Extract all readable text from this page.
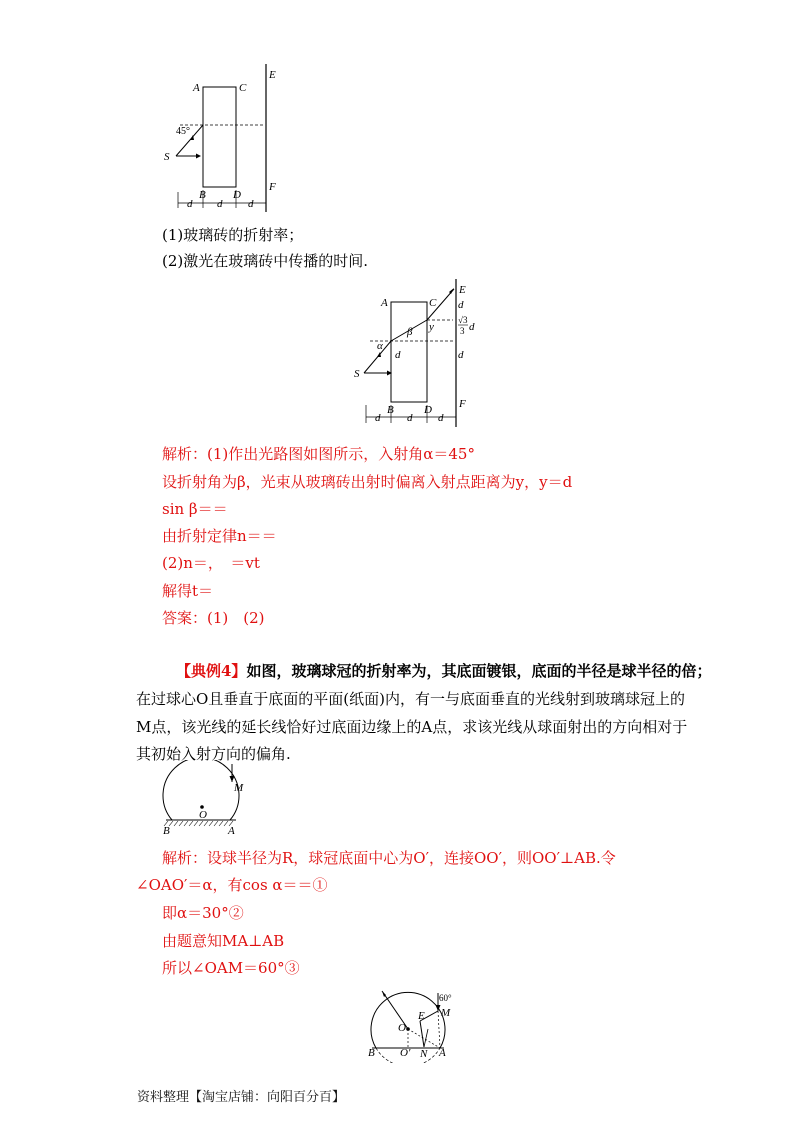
A	C
E
F
B D
S
45°
d d d
(1)玻璃砖的折射率；
(2)激光在玻璃砖中传播的时间.
A	C
E
F
B	D
S
α
β y
d
d
√3
3 d
d
d d d
解析：(1)作出光路图如图所示，入射角α＝45°
设折射角为β，光束从玻璃砖出射时偏离入射点距离为y，y＝d
sin β＝＝
由折射定律n＝＝
(2)n＝，　＝vt
解得t＝
答案：(1)　(2)
【典例4】如图，玻璃球冠的折射率为，其底面镀银，底面的半径是球半径的倍；
在过球心O且垂直于底面的平面(纸面)内，有一与底面垂直的光线射到玻璃球冠上的
M点，该光线的延长线恰好过底面边缘上的A点，求该光线从球面射出的方向相对于
其初始入射方向的偏角.
M
O
B	A
解析：设球半径为R，球冠底面中心为O′，连接OO′，则OO′⊥AB.令
∠OAO′＝α，有cos α＝＝①
即α＝30°②
由题意知MA⊥AB
所以∠OAM＝60°③
60°
M
O
E
B O′ N A
资料整理【淘宝店铺：向阳百分百】
